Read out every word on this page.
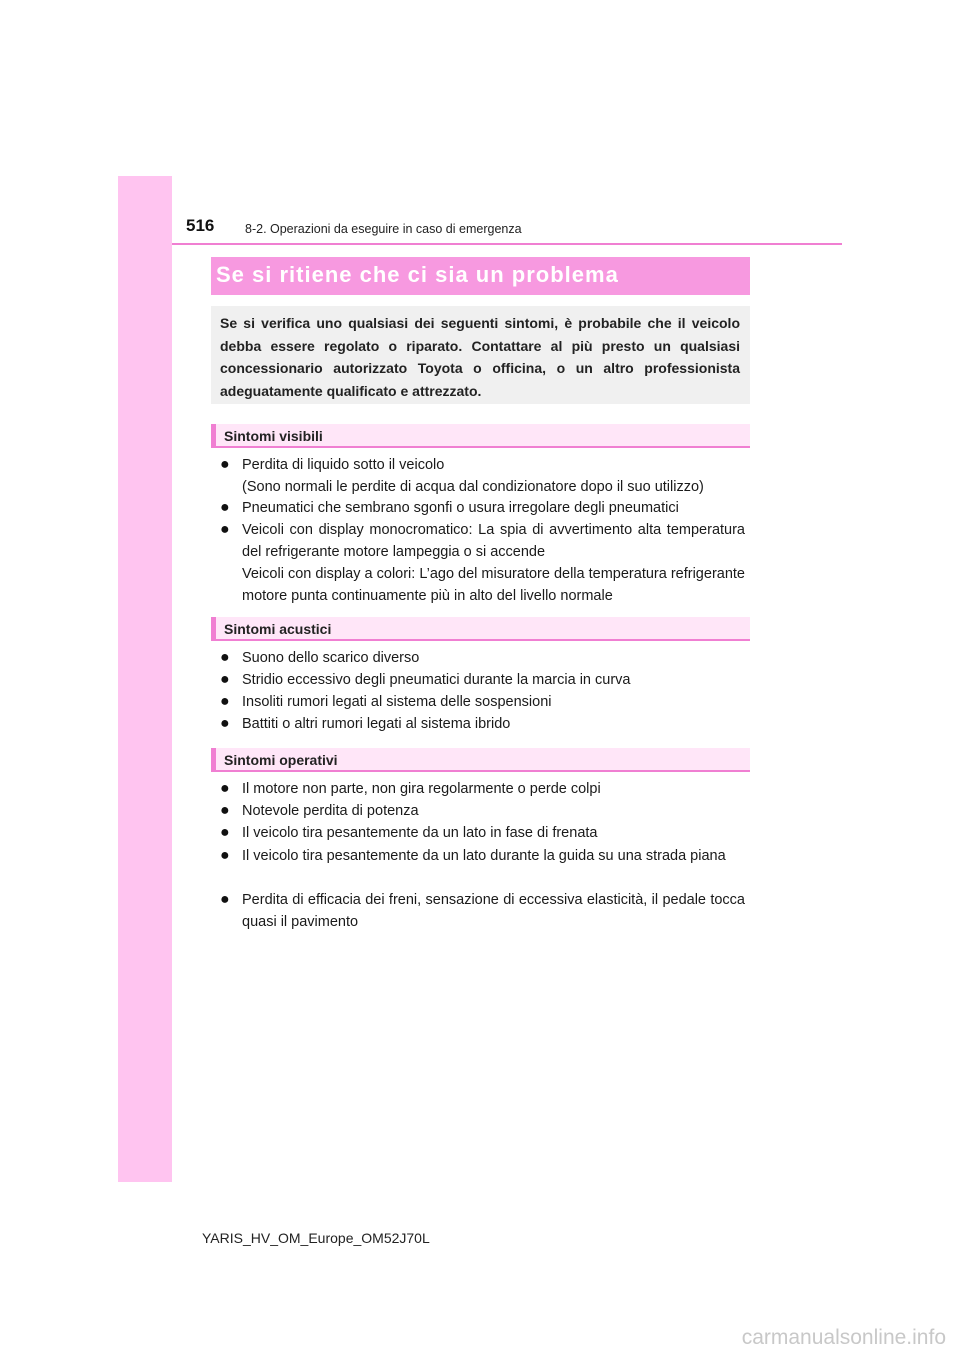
516 8-2. Operazioni da eseguire in caso di emergenza
Se si ritiene che ci sia un problema
Se si verifica uno qualsiasi dei seguenti sintomi, è probabile che il veicolo debba essere regolato o riparato. Contattare al più presto un qualsiasi concessionario autorizzato Toyota o officina, o un altro professionista adeguatamente qualificato e attrezzato.
Sintomi visibili
● Perdita di liquido sotto il veicolo
(Sono normali le perdite di acqua dal condizionatore dopo il suo utilizzo)
● Pneumatici che sembrano sgonfi o usura irregolare degli pneumatici
● Veicoli con display monocromatico: La spia di avvertimento alta temperatura del refrigerante motore lampeggia o si accende
Veicoli con display a colori: L’ago del misuratore della temperatura refrigerante motore punta continuamente più in alto del livello normale
Sintomi acustici
● Suono dello scarico diverso
● Stridio eccessivo degli pneumatici durante la marcia in curva
● Insoliti rumori legati al sistema delle sospensioni
● Battiti o altri rumori legati al sistema ibrido
Sintomi operativi
● Il motore non parte, non gira regolarmente o perde colpi
● Notevole perdita di potenza
● Il veicolo tira pesantemente da un lato in fase di frenata
● Il veicolo tira pesantemente da un lato durante la guida su una strada piana
● Perdita di efficacia dei freni, sensazione di eccessiva elasticità, il pedale tocca quasi il pavimento
YARIS_HV_OM_Europe_OM52J70L
carmanualsonline.info
